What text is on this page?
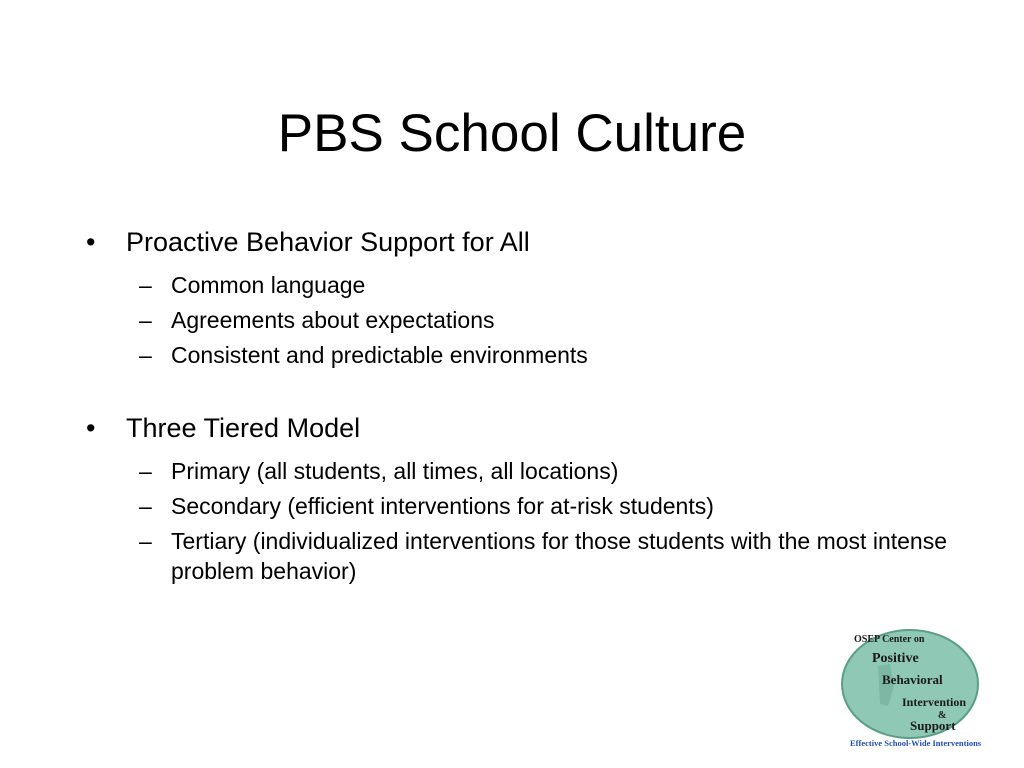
PBS School Culture
• Proactive Behavior Support for All
– Common language
– Agreements about expectations
– Consistent and predictable environments
• Three Tiered Model
– Primary (all students, all times, all locations)
– Secondary (efficient interventions for at-risk students)
– Tertiary (individualized interventions for those students with the most intense problem behavior)
OSEP Center on
Positive
Behavioral
Intervention
&
Support
Effective School-Wide Interventions
